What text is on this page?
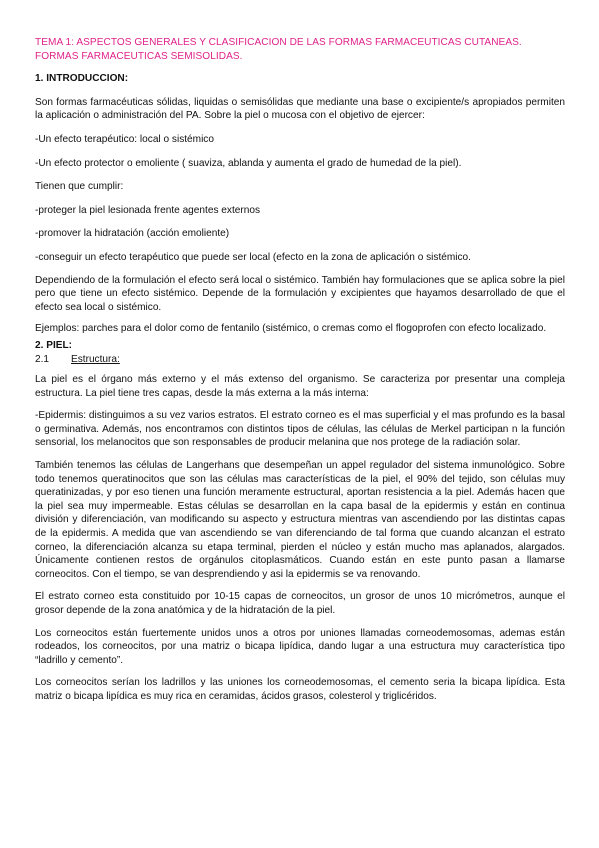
TEMA 1: ASPECTOS GENERALES Y CLASIFICACION DE LAS FORMAS FARMACEUTICAS CUTANEAS. FORMAS FARMACEUTICAS SEMISOLIDAS.
1. INTRODUCCION:

Son formas farmacéuticas sólidas, liquidas o semisólidas que mediante una base o excipiente/s apropiados permiten la aplicación o administración del PA. Sobre la piel o mucosa con el objetivo de ejercer:

-Un efecto terapéutico: local o sistémico

-Un efecto protector o emoliente ( suaviza, ablanda y aumenta el grado de humedad de la piel).

Tienen que cumplir:

-proteger la piel lesionada frente agentes externos

-promover la hidratación (acción emoliente)

-conseguir un efecto terapéutico que puede ser local (efecto en la zona de aplicación o sistémico.

Dependiendo de la formulación el efecto será local o sistémico. También hay formulaciones que se aplica sobre la piel pero que tiene un efecto sistémico. Depende de la formulación y excipientes que hayamos desarrollado de que el efecto sea local o sistémico.

Ejemplos: parches para el dolor como de fentanilo (sistémico, o cremas como el flogoprofen con efecto localizado.

2. PIEL:
2.1 Estructura:

La piel es el órgano más externo y el más extenso del organismo. Se caracteriza por presentar una compleja estructura. La piel tiene tres capas, desde la más externa a la más interna:

-Epidermis: distinguimos a su vez varios estratos. El estrato corneo es el mas superficial y el mas profundo es la basal o germinativa. Además, nos encontramos con distintos tipos de células, las células de Merkel participan n la función sensorial, los melanocitos que son responsables de producir melanina que nos protege de la radiación solar.

También tenemos las células de Langerhans que desempeñan un appel regulador del sistema inmunológico. Sobre todo tenemos queratinocitos que son las células mas características de la piel, el 90% del tejido, son células muy queratinizadas, y por eso tienen una función meramente estructural, aportan resistencia a la piel. Además hacen que la piel sea muy impermeable. Estas células se desarrollan en la capa basal de la epidermis y están en continua división y diferenciación, van modificando su aspecto y estructura mientras van ascendiendo por las distintas capas de la epidermis. A medida que van ascendiendo se van diferenciando de tal forma que cuando alcanzan el estrato corneo, la diferenciación alcanza su etapa terminal, pierden el núcleo y están mucho mas aplanados, alargados. Únicamente contienen restos de orgánulos citoplasmáticos. Cuando están en este punto pasan a llamarse corneocitos. Con el tiempo, se van desprendiendo y asi la epidermis se va renovando.

El estrato corneo esta constituido por 10-15 capas de corneocitos, un grosor de unos 10 micrómetros, aunque el grosor depende de la zona anatómica y de la hidratación de la piel.

Los corneocitos están fuertemente unidos unos a otros por uniones llamadas corneodemosomas, ademas están rodeados, los corneocitos, por una matriz o bicapa lipídica, dando lugar a una estructura muy característica tipo “ladrillo y cemento”.

Los corneocitos serían los ladrillos y las uniones los corneodemosomas, el cemento seria la bicapa lipídica. Esta matriz o bicapa lipídica es muy rica en ceramidas, ácidos grasos, colesterol y triglicéridos.
